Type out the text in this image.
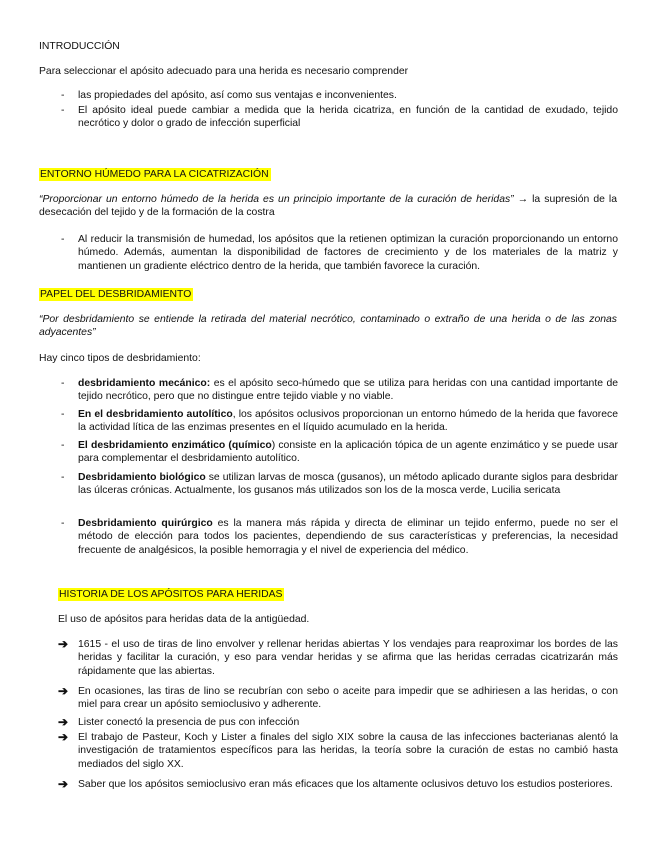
INTRODUCCIÓN
Para seleccionar el apósito adecuado para una herida es necesario comprender
- las propiedades del apósito, así como sus ventajas e inconvenientes.
- El apósito ideal puede cambiar a medida que la herida cicatriza, en función de la cantidad de exudado, tejido necrótico y dolor o grado de infección superficial
ENTORNO HÚMEDO PARA LA CICATRIZACIÓN
“Proporcionar un entorno húmedo de la herida es un principio importante de la curación de heridas” → la supresión de la desecación del tejido y de la formación de la costra
- Al reducir la transmisión de humedad, los apósitos que la retienen optimizan la curación proporcionando un entorno húmedo. Además, aumentan la disponibilidad de factores de crecimiento y de los materiales de la matriz y mantienen un gradiente eléctrico dentro de la herida, que también favorece la curación.
PAPEL DEL DESBRIDAMIENTO
“Por desbridamiento se entiende la retirada del material necrótico, contaminado o extraño de una herida o de las zonas adyacentes”
Hay cinco tipos de desbridamiento:
- desbridamiento mecánico: es el apósito seco-húmedo que se utiliza para heridas con una cantidad importante de tejido necrótico, pero que no distingue entre tejido viable y no viable.
- En el desbridamiento autolítico, los apósitos oclusivos proporcionan un entorno húmedo de la herida que favorece la actividad lítica de las enzimas presentes en el líquido acumulado en la herida.
- El desbridamiento enzimático (químico) consiste en la aplicación tópica de un agente enzimático y se puede usar para complementar el desbridamiento autolítico.
- Desbridamiento biológico se utilizan larvas de mosca (gusanos), un método aplicado durante siglos para desbridar las úlceras crónicas. Actualmente, los gusanos más utilizados son los de la mosca verde, Lucilia sericata
- Desbridamiento quirúrgico es la manera más rápida y directa de eliminar un tejido enfermo, puede no ser el método de elección para todos los pacientes, dependiendo de sus características y preferencias, la necesidad frecuente de analgésicos, la posible hemorragia y el nivel de experiencia del médico.
HISTORIA DE LOS APÓSITOS PARA HERIDAS
El uso de apósitos para heridas data de la antigüedad.
➔ 1615 - el uso de tiras de lino envolver y rellenar heridas abiertas Y los vendajes para reaproximar los bordes de las heridas y facilitar la curación, y eso para vendar heridas y se afirma que las heridas cerradas cicatrizarán más rápidamente que las abiertas.
➔ En ocasiones, las tiras de lino se recubrían con sebo o aceite para impedir que se adhiriesen a las heridas, o con miel para crear un apósito semioclusivo y adherente.
➔ Lister conectó la presencia de pus con infección
➔ El trabajo de Pasteur, Koch y Lister a finales del siglo XIX sobre la causa de las infecciones bacterianas alentó la investigación de tratamientos específicos para las heridas, la teoría sobre la curación de estas no cambió hasta mediados del siglo XX.
➔ Saber que los apósitos semioclusivo eran más eficaces que los altamente oclusivos detuvo los estudios posteriores.
